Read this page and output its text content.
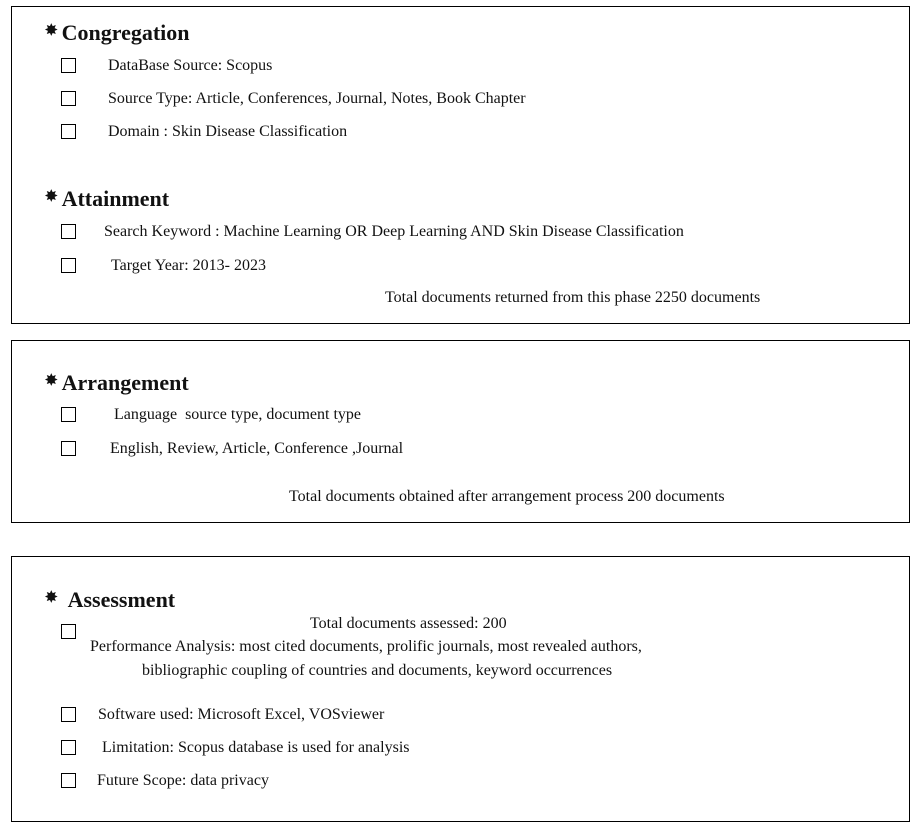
✸ Congregation
DataBase Source: Scopus
Source Type: Article, Conferences, Journal, Notes, Book Chapter
Domain : Skin Disease Classification
✸ Attainment
Search Keyword : Machine Learning OR Deep Learning AND Skin Disease Classification
Target Year: 2013- 2023
Total documents returned from this phase 2250 documents
✸ Arrangement
Language  source type, document type
English, Review, Article, Conference ,Journal
Total documents obtained after arrangement process 200 documents
✸ Assessment
Total documents assessed: 200
Performance Analysis: most cited documents, prolific journals, most revealed authors,
bibliographic coupling of countries and documents, keyword occurrences
Software used: Microsoft Excel, VOSviewer
Limitation: Scopus database is used for analysis
Future Scope: data privacy
